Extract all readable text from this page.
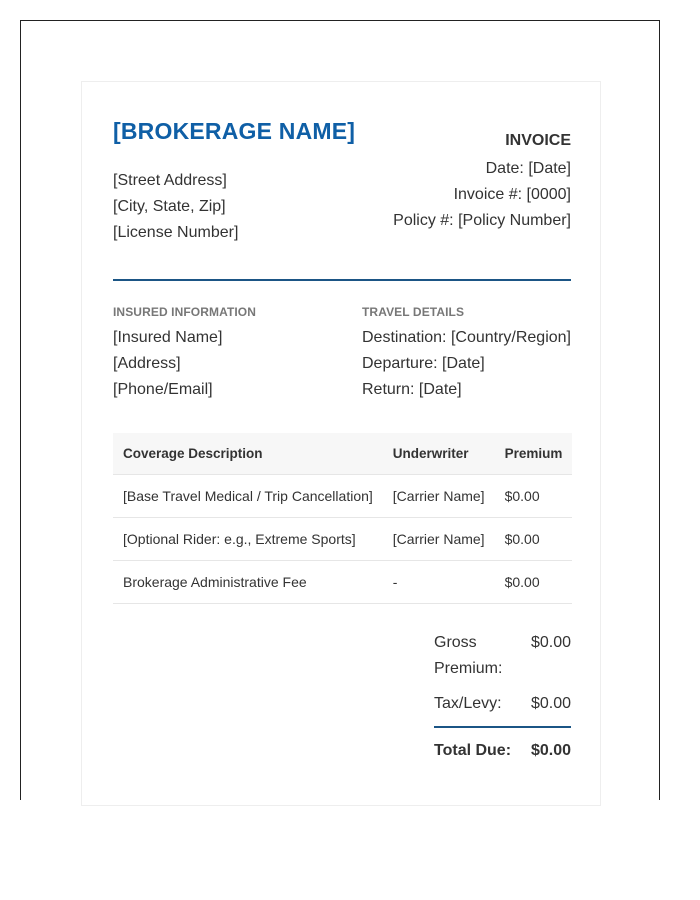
[BROKERAGE NAME]
[Street Address]
[City, State, Zip]
[License Number]
INVOICE
Date: [Date]
Invoice #: [0000]
Policy #: [Policy Number]
INSURED INFORMATION
[Insured Name]
[Address]
[Phone/Email]
TRAVEL DETAILS
Destination: [Country/Region]
Departure: [Date]
Return: [Date]
Coverage Description	Underwriter	Premium
[Base Travel Medical / Trip Cancellation]	[Carrier Name]	$0.00
[Optional Rider: e.g., Extreme Sports]	[Carrier Name]	$0.00
Brokerage Administrative Fee	-	$0.00
Gross Premium:
$0.00
Tax/Levy:	$0.00
Total Due: $0.00
